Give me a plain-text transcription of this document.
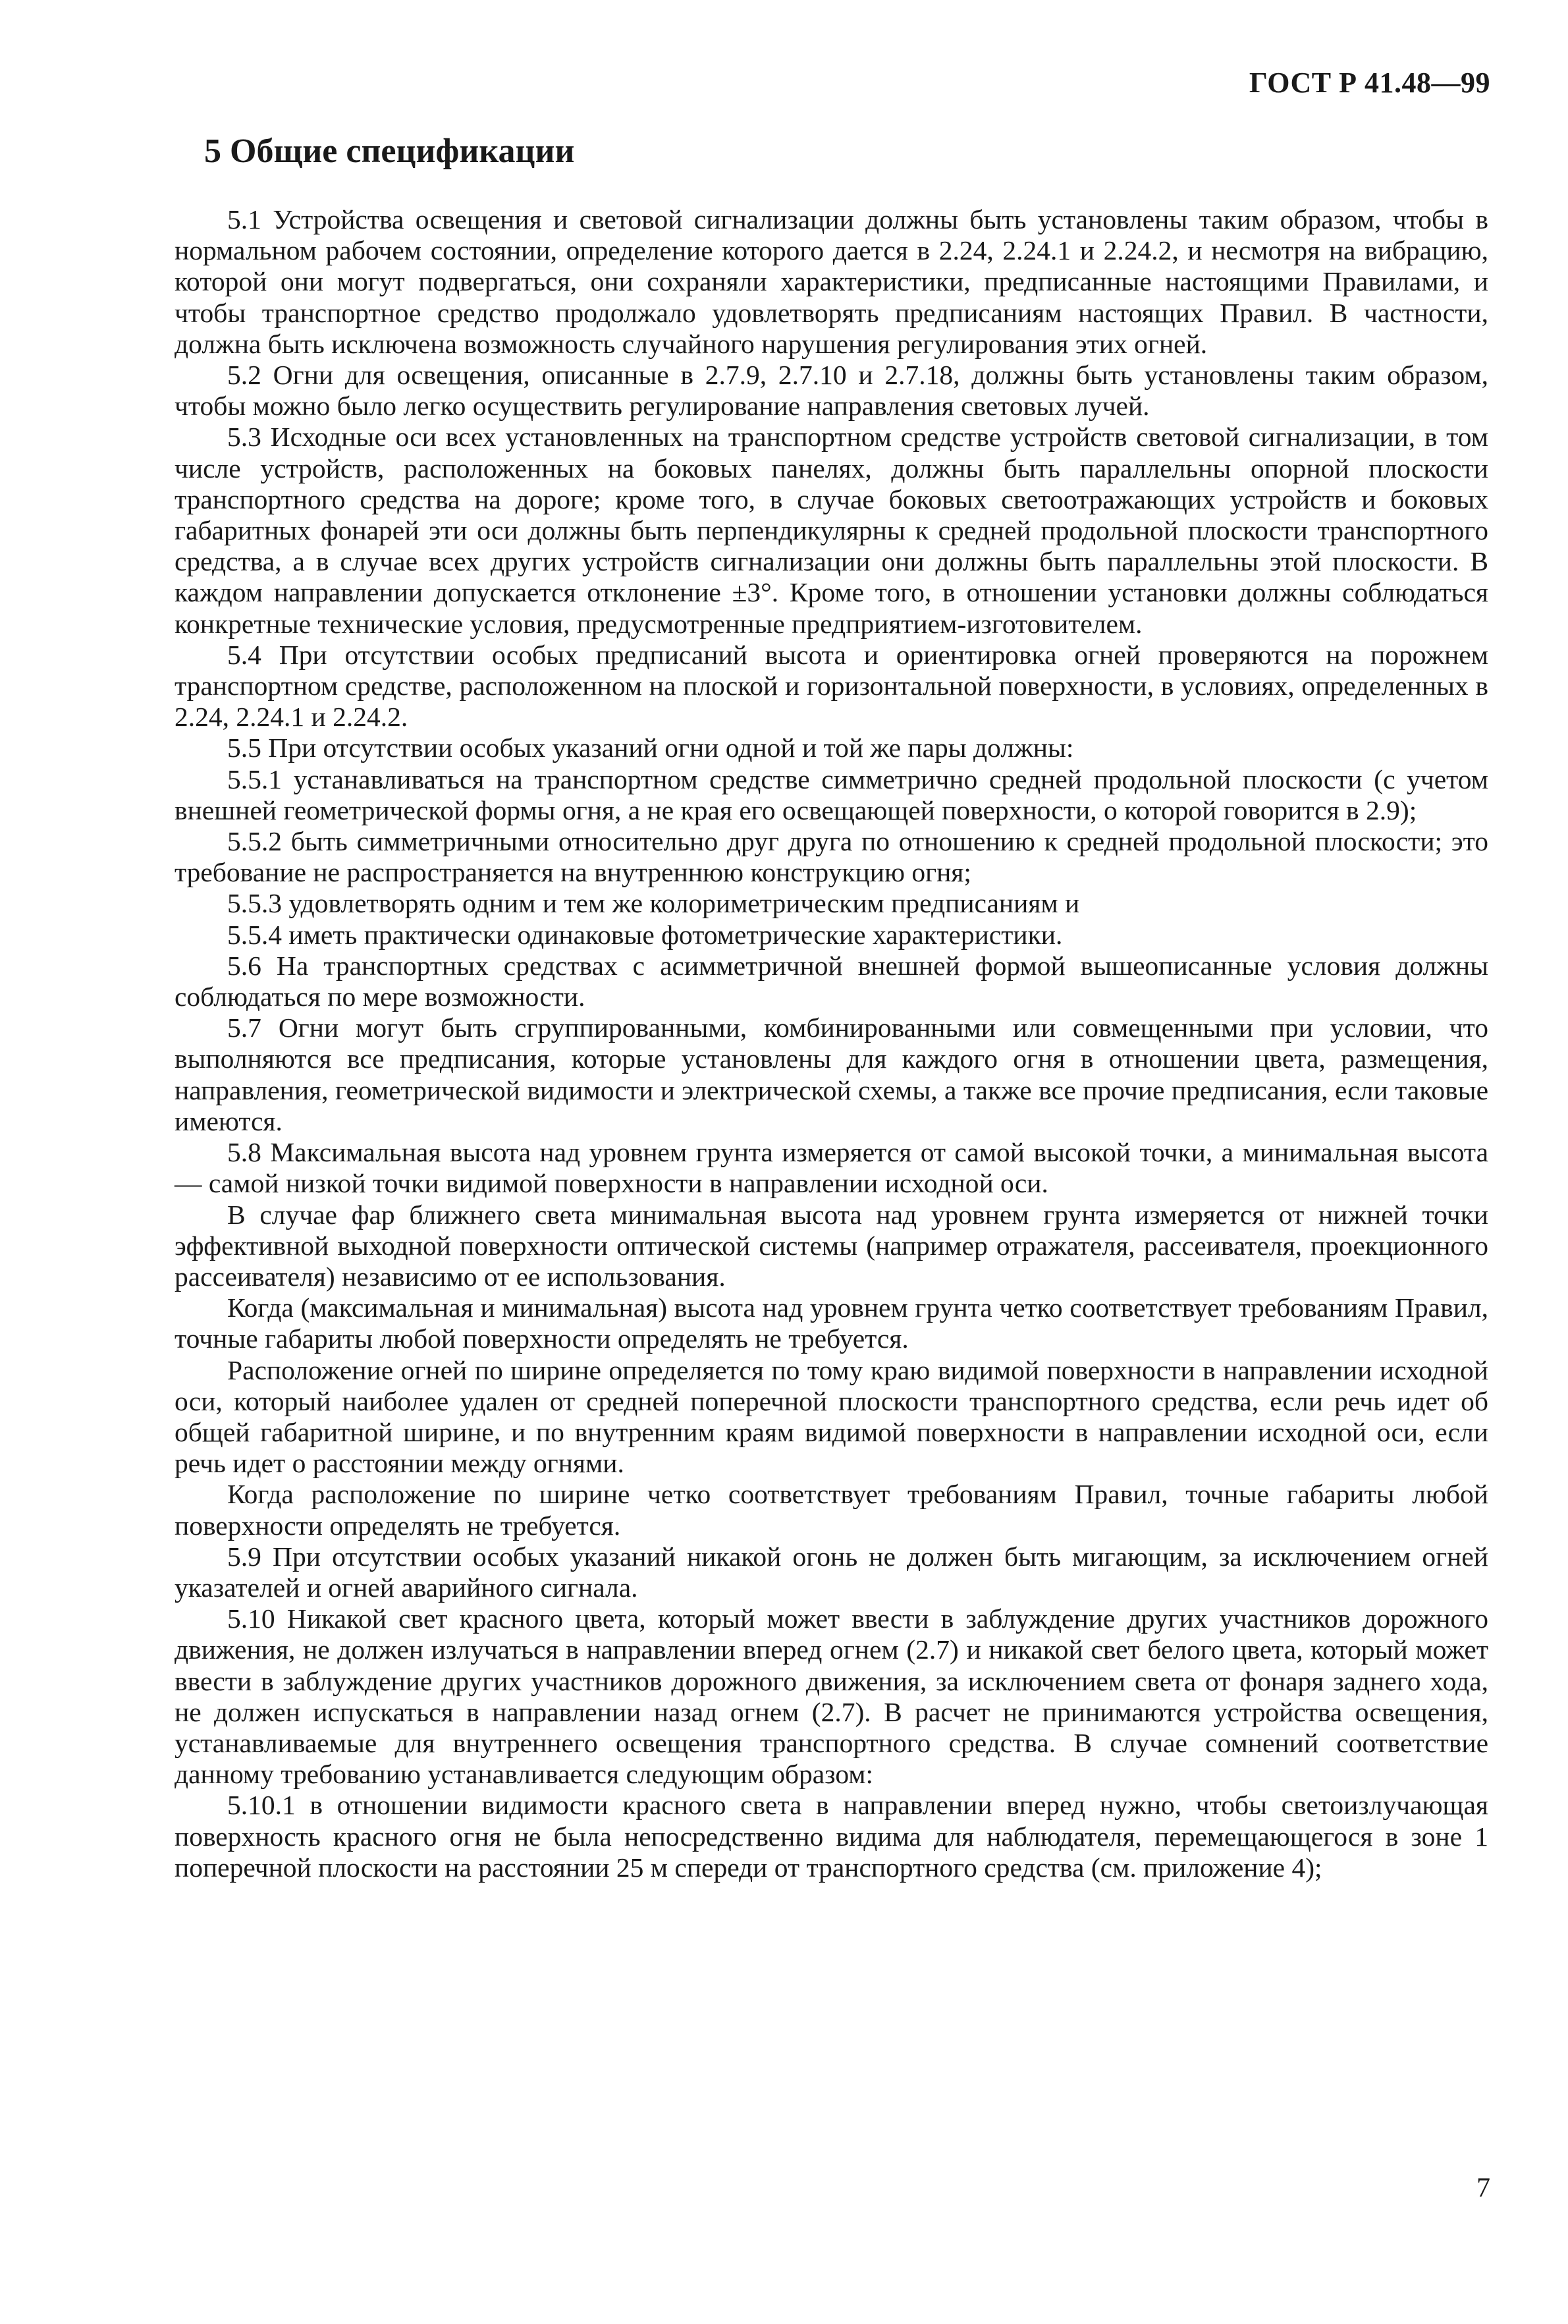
ГОСТ Р 41.48—99
5 Общие спецификации

5.1 Устройства освещения и световой сигнализации должны быть установлены таким образом, чтобы в нормальном рабочем состоянии, определение которого дается в 2.24, 2.24.1 и 2.24.2, и несмотря на вибрацию, которой они могут подвергаться, они сохраняли характеристики, предписанные настоящими Правилами, и чтобы транспортное средство продолжало удовлетворять предписаниям настоящих Правил. В частности, должна быть исключена возможность случайного нарушения регулирования этих огней.

5.2 Огни для освещения, описанные в 2.7.9, 2.7.10 и 2.7.18, должны быть установлены таким образом, чтобы можно было легко осуществить регулирование направления световых лучей.

5.3 Исходные оси всех установленных на транспортном средстве устройств световой сигнализации, в том числе устройств, расположенных на боковых панелях, должны быть параллельны опорной плоскости транспортного средства на дороге; кроме того, в случае боковых светоотражающих устройств и боковых габаритных фонарей эти оси должны быть перпендикулярны к средней продольной плоскости транспортного средства, а в случае всех других устройств сигнализации они должны быть параллельны этой плоскости. В каждом направлении допускается отклонение ±3°. Кроме того, в отношении установки должны соблюдаться конкретные технические условия, предусмотренные предприятием-изготовителем.

5.4 При отсутствии особых предписаний высота и ориентировка огней проверяются на порожнем транспортном средстве, расположенном на плоской и горизонтальной поверхности, в условиях, определенных в 2.24, 2.24.1 и 2.24.2.

5.5 При отсутствии особых указаний огни одной и той же пары должны:

5.5.1 устанавливаться на транспортном средстве симметрично средней продольной плоскости (с учетом внешней геометрической формы огня, а не края его освещающей поверхности, о которой говорится в 2.9);

5.5.2 быть симметричными относительно друг друга по отношению к средней продольной плоскости; это требование не распространяется на внутреннюю конструкцию огня;

5.5.3 удовлетворять одним и тем же колориметрическим предписаниям и

5.5.4 иметь практически одинаковые фотометрические характеристики.

5.6 На транспортных средствах с асимметричной внешней формой вышеописанные условия должны соблюдаться по мере возможности.

5.7 Огни могут быть сгруппированными, комбинированными или совмещенными при условии, что выполняются все предписания, которые установлены для каждого огня в отношении цвета, размещения, направления, геометрической видимости и электрической схемы, а также все прочие предписания, если таковые имеются.

5.8 Максимальная высота над уровнем грунта измеряется от самой высокой точки, а минимальная высота — самой низкой точки видимой поверхности в направлении исходной оси.

В случае фар ближнего света минимальная высота над уровнем грунта измеряется от нижней точки эффективной выходной поверхности оптической системы (например отражателя, рассеивателя, проекционного рассеивателя) независимо от ее использования.

Когда (максимальная и минимальная) высота над уровнем грунта четко соответствует требованиям Правил, точные габариты любой поверхности определять не требуется.

Расположение огней по ширине определяется по тому краю видимой поверхности в направлении исходной оси, который наиболее удален от средней поперечной плоскости транспортного средства, если речь идет об общей габаритной ширине, и по внутренним краям видимой поверхности в направлении исходной оси, если речь идет о расстоянии между огнями.

Когда расположение по ширине четко соответствует требованиям Правил, точные габариты любой поверхности определять не требуется.

5.9 При отсутствии особых указаний никакой огонь не должен быть мигающим, за исключением огней указателей и огней аварийного сигнала.

5.10 Никакой свет красного цвета, который может ввести в заблуждение других участников дорожного движения, не должен излучаться в направлении вперед огнем (2.7) и никакой свет белого цвета, который может ввести в заблуждение других участников дорожного движения, за исключением света от фонаря заднего хода, не должен испускаться в направлении назад огнем (2.7). В расчет не принимаются устройства освещения, устанавливаемые для внутреннего освещения транспортного средства. В случае сомнений соответствие данному требованию устанавливается следующим образом:

5.10.1 в отношении видимости красного света в направлении вперед нужно, чтобы светоизлучающая поверхность красного огня не была непосредственно видима для наблюдателя, перемещающегося в зоне 1 поперечной плоскости на расстоянии 25 м спереди от транспортного средства (см. приложение 4);

7
